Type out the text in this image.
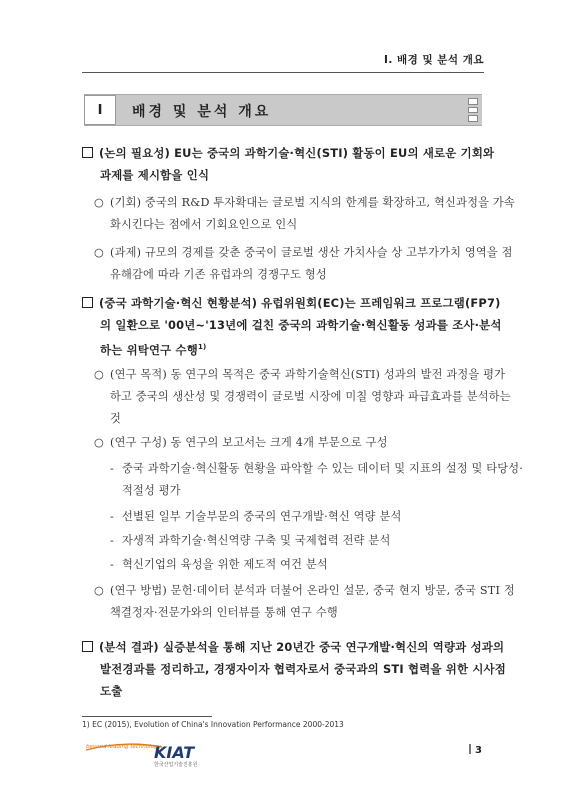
Ⅰ. 배경 및 분석 개요
Ⅰ	배경 및 분석 개요
(논의 필요성) EU는 중국의 과학기술·혁신(STI) 활동이 EU의 새로운 기회와 과제를 제시함을 인식
○ (기회) 중국의 R&D 투자확대는 글로벌 지식의 한계를 확장하고, 혁신과정을 가속화시킨다는 점에서 기회요인으로 인식
○ (과제) 규모의 경제를 갖춘 중국이 글로벌 생산 가치사슬 상 고부가가치 영역을 점유해감에 따라 기존 유럽과의 경쟁구도 형성
(중국 과학기술·혁신 현황분석) 유럽위원회(EC)는 프레임워크 프로그램(FP7)의 일환으로 '00년~'13년에 걸친 중국의 과학기술·혁신활동 성과를 조사·분석하는 위탁연구 수행$^{1)}$
○ (연구 목적) 동 연구의 목적은 중국 과학기술혁신(STI) 성과의 발전 과정을 평가하고 중국의 생산성 및 경쟁력이 글로벌 시장에 미칠 영향과 파급효과를 분석하는 것
○ (연구 구성) 동 연구의 보고서는 크게 4개 부문으로 구성
- 중국 과학기술·혁신활동 현황을 파악할 수 있는 데이터 및 지표의 설정 및 타당성·적절성 평가
- 선별된 일부 기술부문의 중국의 연구개발·혁신 역량 분석
- 자생적 과학기술·혁신역량 구축 및 국제협력 전략 분석
- 혁신기업의 육성을 위한 제도적 여건 분석
○ (연구 방법) 문헌·데이터 분석과 더불어 온라인 설문, 중국 현지 방문, 중국 STI 정책결정자·전문가와의 인터뷰를 통해 연구 수행
(분석 결과) 실증분석을 통해 지난 20년간 중국 연구개발·혁신의 역량과 성과의 발전경과를 정리하고, 경쟁자이자 협력자로서 중국과의 STI 협력을 위한 시사점 도출
1) EC (2015), Evolution of China's Innovation Performance 2000-2013
beyond leading technology
KIAT
한국산업기술진흥원
3
